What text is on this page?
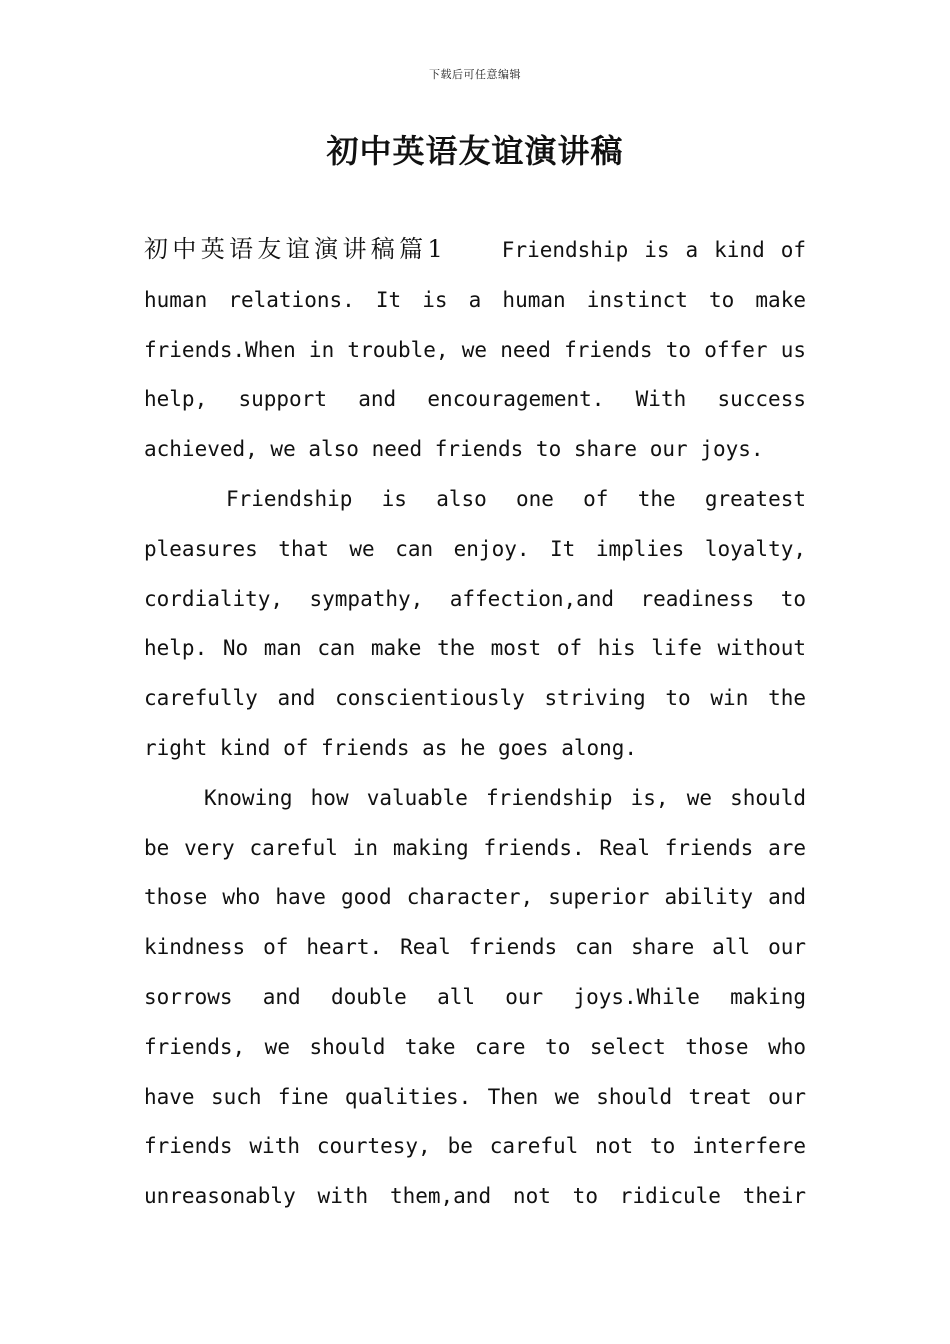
下载后可任意编辑
初中英语友谊演讲稿

初中英语友谊演讲稿篇1	Friendship is a kind of human relations. It is a human instinct to make friends.When in trouble, we need friends to offer us help, support and encouragement. With success achieved, we also need friends to share our joys.

Friendship is also one of the greatest pleasures that we can enjoy. It implies loyalty, cordiality, sympathy, affection,and readiness to help. No man can make the most of his life without carefully and conscientiously striving to win the right kind of friends as he goes along.

Knowing how valuable friendship is, we should be very careful in making friends. Real friends are those who have good character, superior ability and kindness of heart. Real friends can share all our sorrows and double all our joys.While making friends, we should take care to select those who have such fine qualities. Then we should treat our friends with courtesy, be careful not to interfere unreasonably with them,and not to ridicule their
